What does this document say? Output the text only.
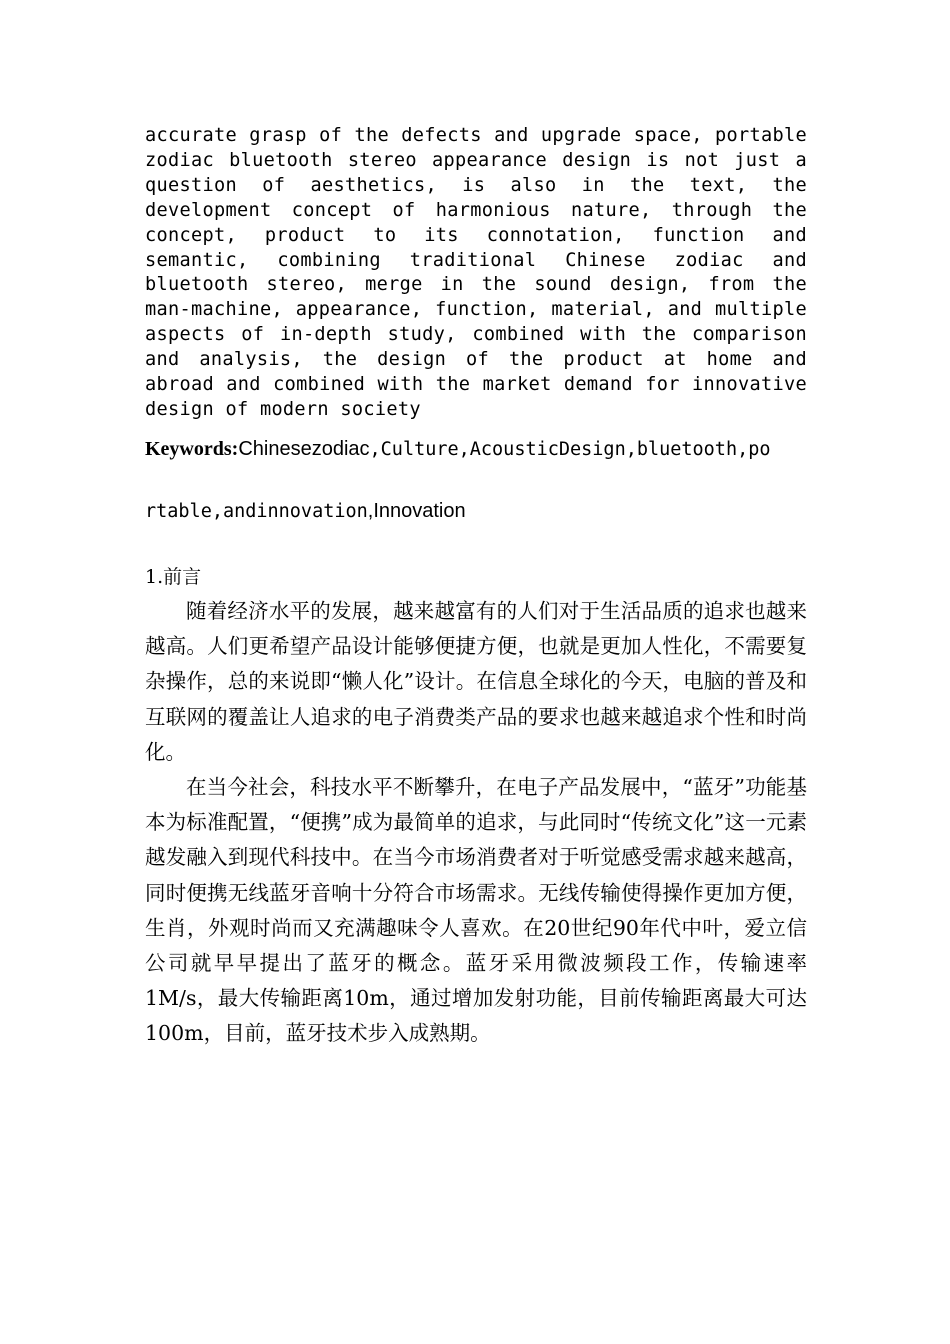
accurate grasp of the defects and upgrade space, portable zodiac bluetooth stereo appearance design is not just a question of aesthetics, is also in the text, the development concept of harmonious nature, through the concept, product to its connotation, function and semantic, combining traditional Chinese zodiac and bluetooth stereo, merge in the sound design, from the man-machine, appearance, function, material, and multiple aspects of in-depth study, combined with the comparison and analysis, the design of the product at home and abroad and combined with the market demand for innovative design of modern society
Keywords:Chinesezodiac,Culture,AcousticDesign,bluetooth,po
rtable,andinnovation,Innovation
1.前言

随着经济水平的发展，越来越富有的人们对于生活品质的追求也越来越高。人们更希望产品设计能够便捷方便，也就是更加人性化，不需要复杂操作，总的来说即“懒人化”设计。在信息全球化的今天，电脑的普及和互联网的覆盖让人追求的电子消费类产品的要求也越来越追求个性和时尚化。

在当今社会，科技水平不断攀升，在电子产品发展中，“蓝牙”功能基本为标准配置，“便携”成为最简单的追求，与此同时“传统文化”这一元素越发融入到现代科技中。在当今市场消费者对于听觉感受需求越来越高，同时便携无线蓝牙音响十分符合市场需求。无线传输使得操作更加方便，生肖，外观时尚而又充满趣味令人喜欢。在20世纪90年代中叶，爱立信公司就早早提出了蓝牙的概念。蓝牙采用微波频段工作，传输速率1M/s，最大传输距离10m，通过增加发射功能，目前传输距离最大可达100m，目前，蓝牙技术步入成熟期。
